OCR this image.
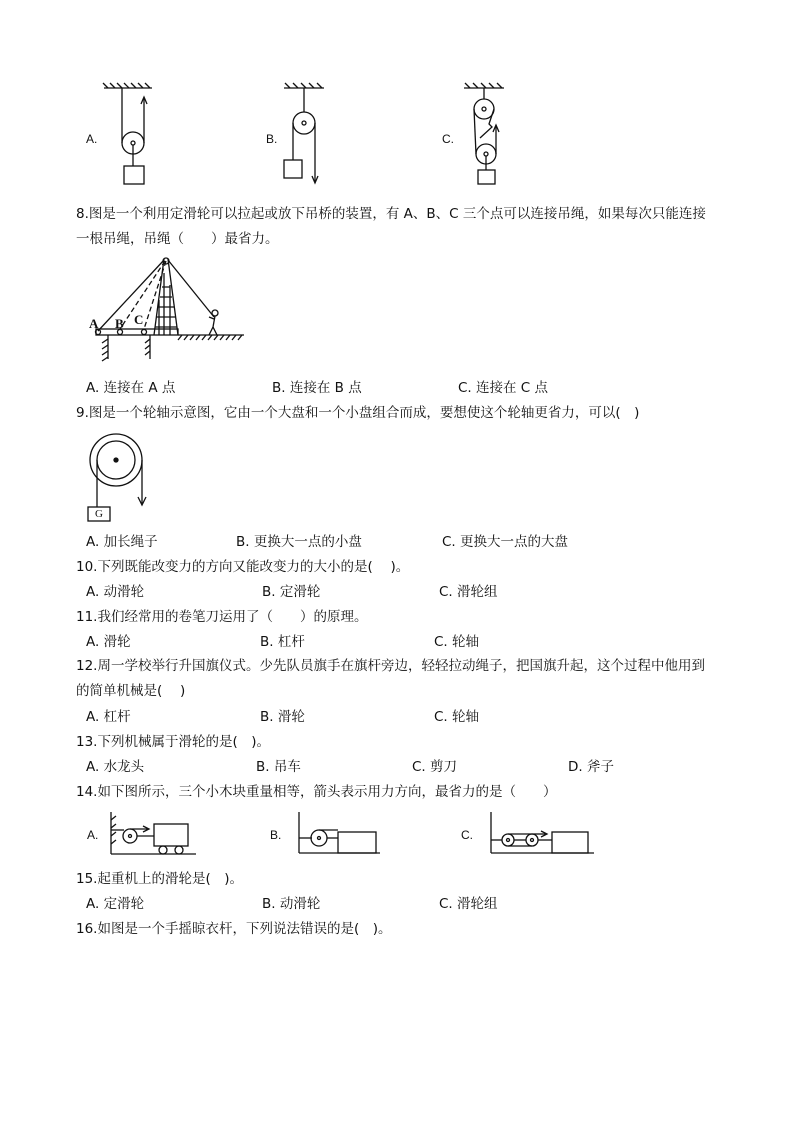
A.	B.	C.
8.图是一个利用定滑轮可以拉起或放下吊桥的装置，有 A、B、C 三个点可以连接吊绳，如果每次只能连接
一根吊绳，吊绳（　　）最省力。
A B C
A. 连接在 A 点	B. 连接在 B 点	C. 连接在 C 点
9.图是一个轮轴示意图，它由一个大盘和一个小盘组合而成，要想使这个轮轴更省力，可以(　)
G
A. 加长绳子	B. 更换大一点的小盘	C. 更换大一点的大盘
10.下列既能改变力的方向又能改变力的大小的是(　 )。
A. 动滑轮	B. 定滑轮	C. 滑轮组
11.我们经常用的卷笔刀运用了（　　）的原理。
A. 滑轮	B. 杠杆	C. 轮轴
12.周一学校举行升国旗仪式。少先队员旗手在旗杆旁边，轻轻拉动绳子，把国旗升起，这个过程中他用到
的简单机械是(　 )
A. 杠杆	B. 滑轮	C. 轮轴
13.下列机械属于滑轮的是(　)。
A. 水龙头	B. 吊车	C. 剪刀	D. 斧子
14.如下图所示，三个小木块重量相等，箭头表示用力方向，最省力的是（　　）
A.	B.	C.
15.起重机上的滑轮是(　)。
A. 定滑轮	B. 动滑轮	C. 滑轮组
16.如图是一个手摇晾衣杆，下列说法错误的是(　)。
